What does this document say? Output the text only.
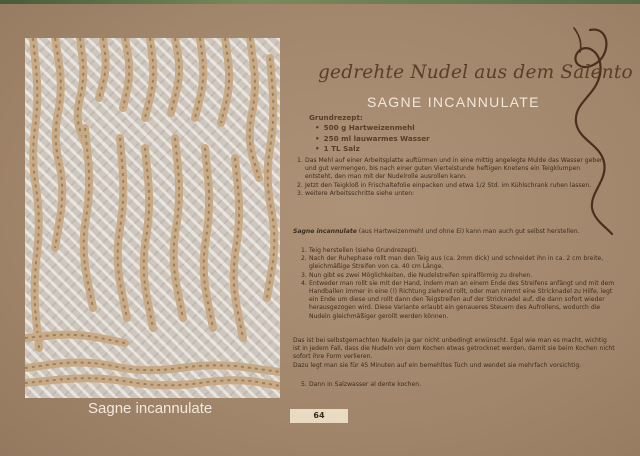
Sagne incannulate
gedrehte Nudel aus dem Salento
SAGNE INCANNULATE
Grundrezept:
• 500 g Hartweizenmehl
• 250 ml lauwarmes Wasser
• 1 TL Salz
1. Das Mehl auf einer Arbeitsplatte auftürmen und in eine mittig angelegte Mulde das Wasser geben und gut vermengen, bis nach einer guten Viertelstunde heftigen Knetens ein Teigklumpen entsteht, den man mit der Nudelrolle ausrollen kann.
2. Jetzt den Teigkloß in Frischaltefolie einpacken und etwa 1/2 Std. im Kühlschrank ruhen lassen.
3. weitere Arbeitsschritte siehe unten:
Sagne incannulate (aus Hartweizenmehl und ohne Ei) kann man auch gut selbst herstellen.
1. Teig herstellen (siehe Grundrezept).
2. Nach der Ruhephase rollt man den Teig aus (ca. 2mm dick) und schneidet ihn in ca. 2 cm breite, gleichmäßige Streifen von ca. 40 cm Länge.
3. Nun gibt es zwei Möglichkeiten, die Nudelstreifen spiralförmig zu drehen.
4. Entweder man rollt sie mit der Hand, indem man an einem Ende des Streifens anfängt und mit dem Handballen immer in eine (!) Richtung ziehend rollt, oder man nimmt eine Stricknadel zu Hilfe, legt ein Ende um diese und rollt dann den Teigstreifen auf der Stricknadel auf, die dann sofort wieder herausgezogen wird. Diese Variante erlaubt ein genaueres Steuern des Aufrollens, wodurch die Nudeln gleichmäßiger gerollt werden können.
Das ist bei selbstgemachten Nudeln ja gar nicht unbedingt erwünscht. Egal wie man es macht, wichtig ist in jedem Fall, dass die Nudeln vor dem Kochen etwas getrocknet werden, damit sie beim Kochen nicht sofort ihre Form verlieren.
Dazu legt man sie für 45 Minuten auf ein bemehltes Tuch und wendet sie mehrfach vorsichtig.
5. Dann in Salzwasser al dente kochen.
64
